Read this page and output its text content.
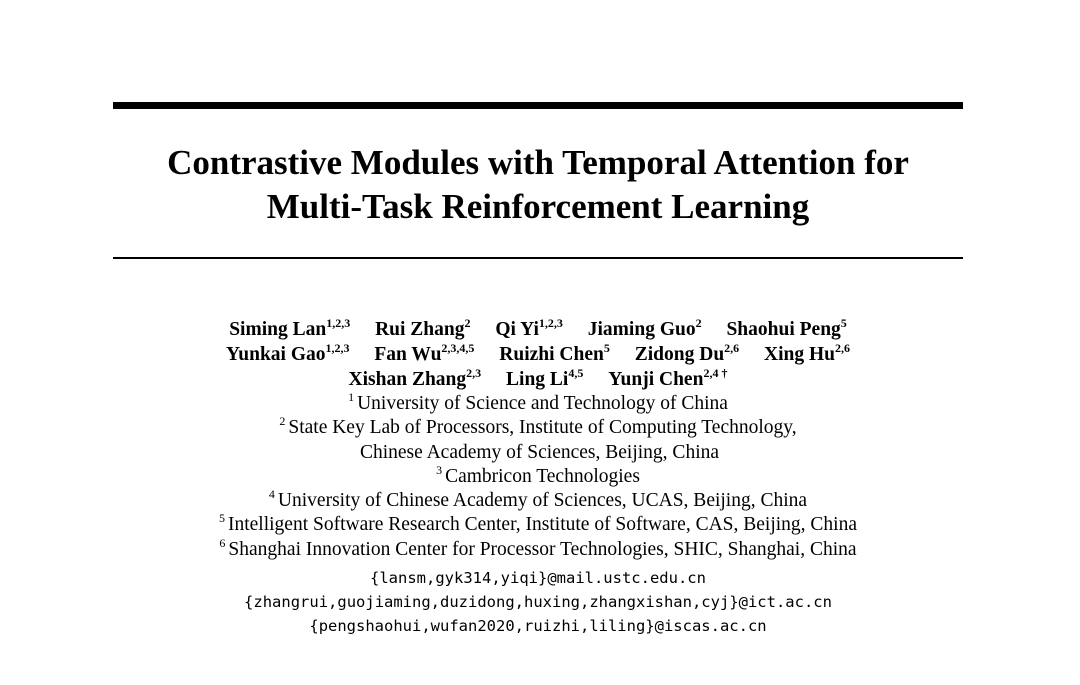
Contrastive Modules with Temporal Attention for
Multi-Task Reinforcement Learning
Siming Lan$^{1,2,3}$ Rui Zhang$^2$ Qi Yi$^{1,2,3}$ Jiaming Guo$^2$ Shaohui Peng$^5$
Yunkai Gao$^{1,2,3}$ Fan Wu$^{2,3,4,5}$ Ruizhi Chen$^5$ Zidong Du$^{2,6}$ Xing Hu$^{2,6}$
Xishan Zhang$^{2,3}$ Ling Li$^{4,5}$ Yunji Chen$^{2,4 \dagger}$
$^1$ University of Science and Technology of China
$^2$ State Key Lab of Processors, Institute of Computing Technology,
Chinese Academy of Sciences, Beijing, China
$^3$ Cambricon Technologies
$^4$ University of Chinese Academy of Sciences, UCAS, Beijing, China
$^5$ Intelligent Software Research Center, Institute of Software, CAS, Beijing, China
$^6$ Shanghai Innovation Center for Processor Technologies, SHIC, Shanghai, China
{lansm,gyk314,yiqi}@mail.ustc.edu.cn
{zhangrui,guojiaming,duzidong,huxing,zhangxishan,cyj}@ict.ac.cn
{pengshaohui,wufan2020,ruizhi,liling}@iscas.ac.cn
